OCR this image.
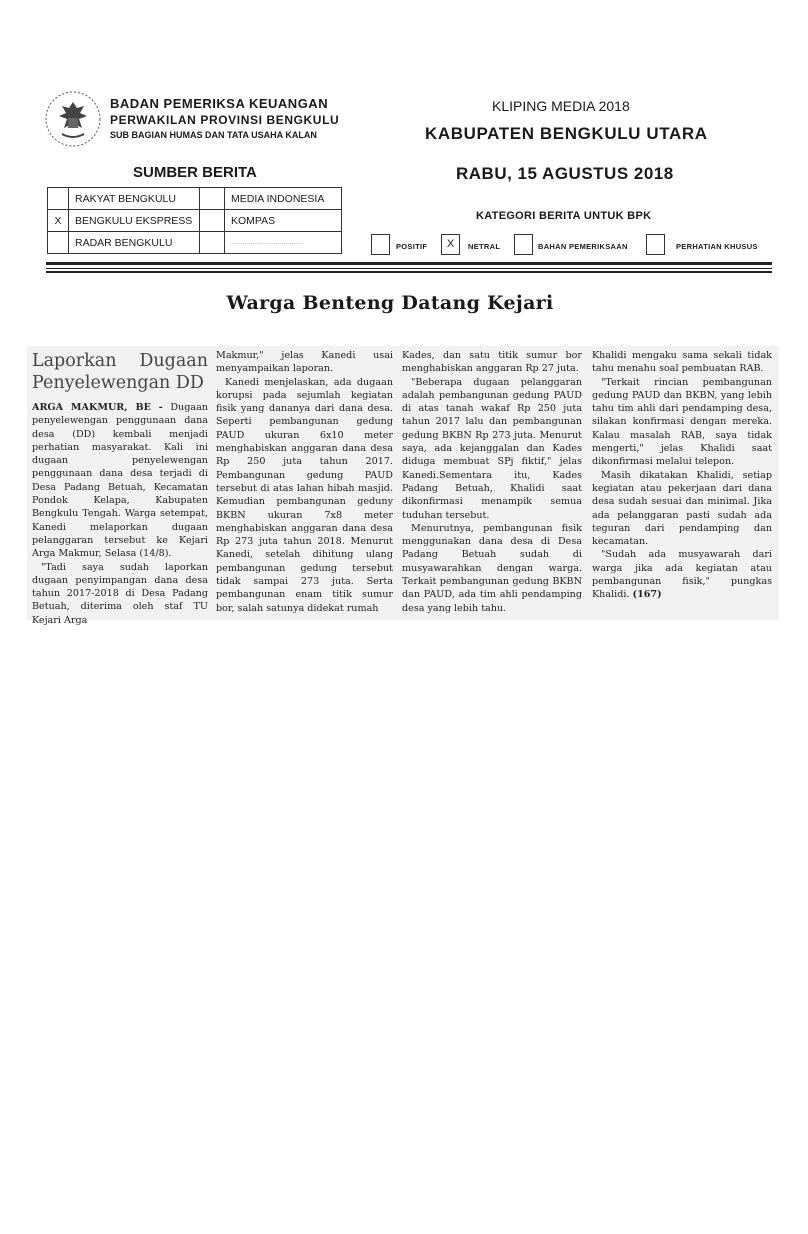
BADAN PEMERIKSA KEUANGAN
PERWAKILAN PROVINSI BENGKULU
SUB BAGIAN HUMAS DAN TATA USAHA KALAN
KLIPING MEDIA 2018
KABUPATEN BENGKULU UTARA
RABU, 15 AGUSTUS 2018
SUMBER BERITA
	RAKYAT BENGKULU		MEDIA INDONESIA
X	BENGKULU EKSPRESS		KOMPAS
	RADAR BENGKULU		.....................................
KATEGORI BERITA UNTUK BPK
POSITIF	X	NETRAL	BAHAN PEMERIKSAAN	PERHATIAN KHUSUS
Warga Benteng Datang Kejari
Laporkan Dugaan Penyelewengan DD

ARGA MAKMUR, BE - Dugaan penyelewengan penggunaan dana desa (DD) kembali menjadi perhatian masyarakat. Kali ini dugaan penyelewengan penggunaan dana desa terjadi di Desa Padang Betuah, Kecamatan Pondok Kelapa, Kabupaten Bengkulu Tengah. Warga setempat, Kanedi melaporkan dugaan pelanggaran tersebut ke Kejari Arga Makmur, Selasa (14/8).

"Tadi saya sudah laporkan dugaan penyimpangan dana desa tahun 2017-2018 di Desa Padang Betuah, diterima oleh staf TU Kejari Arga

Makmur," jelas Kanedi usai menyampaikan laporan.

Kanedi menjelaskan, ada dugaan korupsi pada sejumlah kegiatan fisik yang dananya dari dana desa. Seperti pembangunan gedung PAUD ukuran 6x10 meter menghabiskan anggaran dana desa Rp 250 juta tahun 2017. Pembangunan gedung PAUD tersebut di atas lahan hibah masjid. Kemudian pembangunan geduny BKBN ukuran 7x8 meter menghabiskan anggaran dana desa Rp 273 juta tahun 2018. Menurut Kanedi, setelah dihitung ulang pembangunan gedung tersebut tidak sampai 273 juta. Serta pembangunan enam titik sumur bor, salah satunya didekat rumah

Kades, dan satu titik sumur bor menghabiskan anggaran Rp 27 juta.

"Beberapa dugaan pelanggaran adalah pembangunan gedung PAUD di atas tanah wakaf Rp 250 juta tahun 2017 lalu dan pembangunan gedung BKBN Rp 273 juta. Menurut saya, ada kejanggalan dan Kades diduga membuat SPj fiktif," jelas Kanedi.Sementara itu, Kades Padang Betuah, Khalidi saat dikonfirmasi menampik semua tuduhan tersebut.

Menurutnya, pembangunan fisik menggunakan dana desa di Desa Padang Betuah sudah di musyawarahkan dengan warga. Terkait pembangunan gedung BKBN dan PAUD, ada tim ahli pendamping desa yang lebih tahu.

Khalidi mengaku sama sekali tidak tahu menahu soal pembuatan RAB.

"Terkait rincian pembangunan gedung PAUD dan BKBN, yang lebih tahu tim ahli dari pendamping desa, silakan konfirmasi dengan mereka. Kalau masalah RAB, saya tidak mengerti," jelas Khalidi saat dikonfirmasi melalui telepon.

Masih dikatakan Khalidi, setiap kegiatan atau pekerjaan dari dana desa sudah sesuai dan minimal. Jika ada pelanggaran pasti sudah ada teguran dari pendamping dan kecamatan.

"Sudah ada musyawarah dari warga jika ada kegiatan atau pembangunan fisik," pungkas Khalidi. (167)
